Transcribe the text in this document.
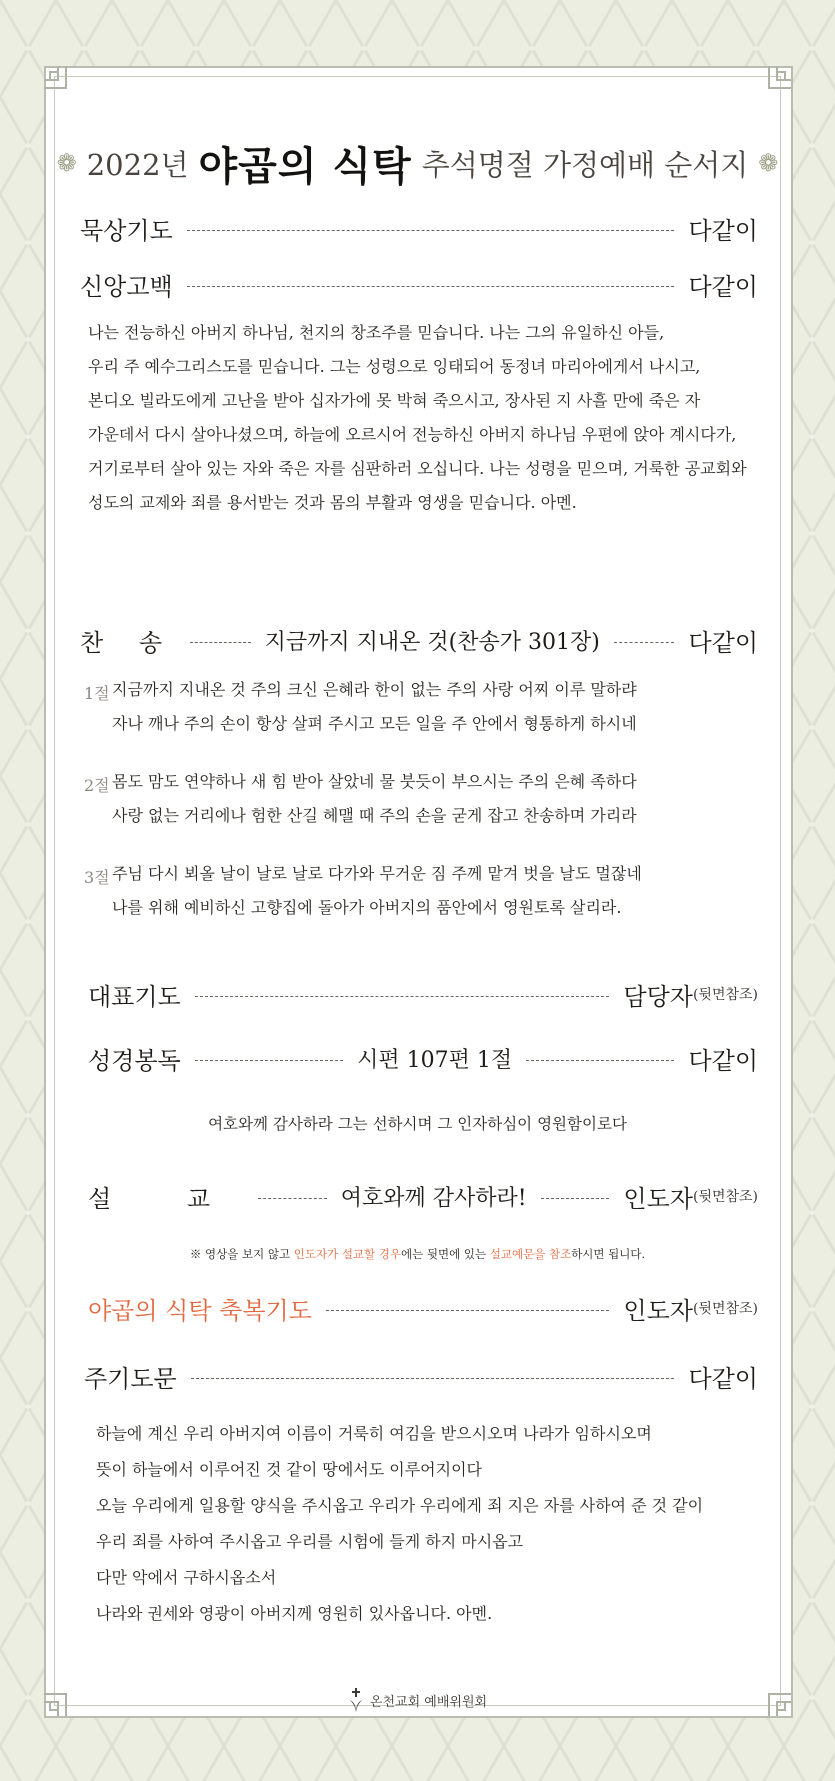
❁ 2022년 야곱의 식탁 추석명절 가정예배 순서지 ❁
묵상기도	다같이
신앙고백	다같이
나는 전능하신 아버지 하나님, 천지의 창조주를 믿습니다. 나는 그의 유일하신 아들,
우리 주 예수그리스도를 믿습니다. 그는 성령으로 잉태되어 동정녀 마리아에게서 나시고,
본디오 빌라도에게 고난을 받아 십자가에 못 박혀 죽으시고, 장사된 지 사흘 만에 죽은 자
가운데서 다시 살아나셨으며, 하늘에 오르시어 전능하신 아버지 하나님 우편에 앉아 계시다가,
거기로부터 살아 있는 자와 죽은 자를 심판하러 오십니다. 나는 성령을 믿으며, 거룩한 공교회와
성도의 교제와 죄를 용서받는 것과 몸의 부활과 영생을 믿습니다. 아멘.
찬 송	지금까지 지내온 것(찬송가 301장)	다같이
1절 지금까지 지내온 것 주의 크신 은혜라 한이 없는 주의 사랑 어찌 이루 말하랴
자나 깨나 주의 손이 항상 살펴 주시고 모든 일을 주 안에서 형통하게 하시네
2절 몸도 맘도 연약하나 새 힘 받아 살았네 물 붓듯이 부으시는 주의 은혜 족하다
사랑 없는 거리에나 험한 산길 헤맬 때 주의 손을 굳게 잡고 찬송하며 가리라
3절 주님 다시 뵈올 날이 날로 날로 다가와 무거운 짐 주께 맡겨 벗을 날도 멀잖네
나를 위해 예비하신 고향집에 돌아가 아버지의 품안에서 영원토록 살리라.
대표기도	담당자 (뒷면참조)
성경봉독	시편 107편 1절	다같이
여호와께 감사하라 그는 선하시며 그 인자하심이 영원함이로다
설 교	여호와께 감사하라!	인도자 (뒷면참조)
※ 영상을 보지 않고 인도자가 설교할 경우에는 뒷면에 있는 설교예문을 참조하시면 됩니다.
야곱의 식탁 축복기도	인도자 (뒷면참조)
주기도문	다같이
하늘에 계신 우리 아버지여 이름이 거룩히 여김을 받으시오며 나라가 임하시오며
뜻이 하늘에서 이루어진 것 같이 땅에서도 이루어지이다
오늘 우리에게 일용할 양식을 주시옵고 우리가 우리에게 죄 지은 자를 사하여 준 것 같이
우리 죄를 사하여 주시옵고 우리를 시험에 들게 하지 마시옵고
다만 악에서 구하시옵소서
나라와 권세와 영광이 아버지께 영원히 있사옵니다. 아멘.
온천교회 예배위원회
